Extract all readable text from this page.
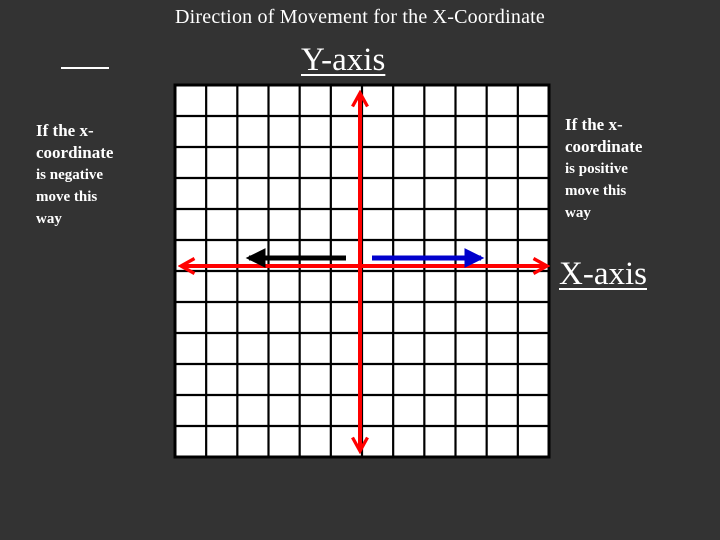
Direction of Movement for the X-Coordinate
Y-axis
If the x-
coordinate
is negative
move this
way
If the x-
coordinate
is positive
move this
way
X-axis
